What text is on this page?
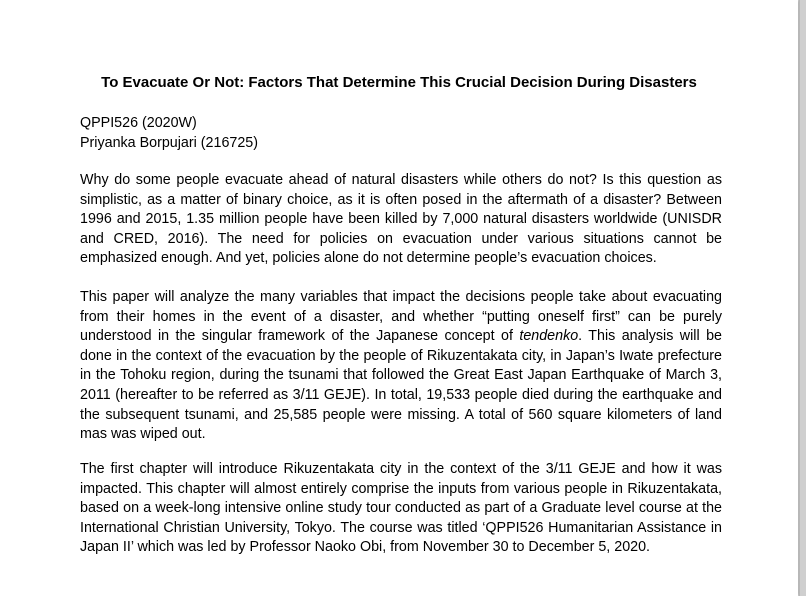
To Evacuate Or Not: Factors That Determine This Crucial Decision During Disasters
QPPI526 (2020W)
Priyanka Borpujari (216725)

Why do some people evacuate ahead of natural disasters while others do not? Is this question as simplistic, as a matter of binary choice, as it is often posed in the aftermath of a disaster? Between 1996 and 2015, 1.35 million people have been killed by 7,000 natural disasters worldwide (UNISDR and CRED, 2016). The need for policies on evacuation under various situations cannot be emphasized enough. And yet, policies alone do not determine people’s evacuation choices.

This paper will analyze the many variables that impact the decisions people take about evacuating from their homes in the event of a disaster, and whether “putting oneself first” can be purely understood in the singular framework of the Japanese concept of tendenko. This analysis will be done in the context of the evacuation by the people of Rikuzentakata city, in Japan’s Iwate prefecture in the Tohoku region, during the tsunami that followed the Great East Japan Earthquake of March 3, 2011 (hereafter to be referred as 3/11 GEJE). In total, 19,533 people died during the earthquake and the subsequent tsunami, and 25,585 people were missing. A total of 560 square kilometers of land mas was wiped out.

The first chapter will introduce Rikuzentakata city in the context of the 3/11 GEJE and how it was impacted. This chapter will almost entirely comprise the inputs from various people in Rikuzentakata, based on a week-long intensive online study tour conducted as part of a Graduate level course at the International Christian University, Tokyo. The course was titled ‘QPPI526 Humanitarian Assistance in Japan II’ which was led by Professor Naoko Obi, from November 30 to December 5, 2020.
